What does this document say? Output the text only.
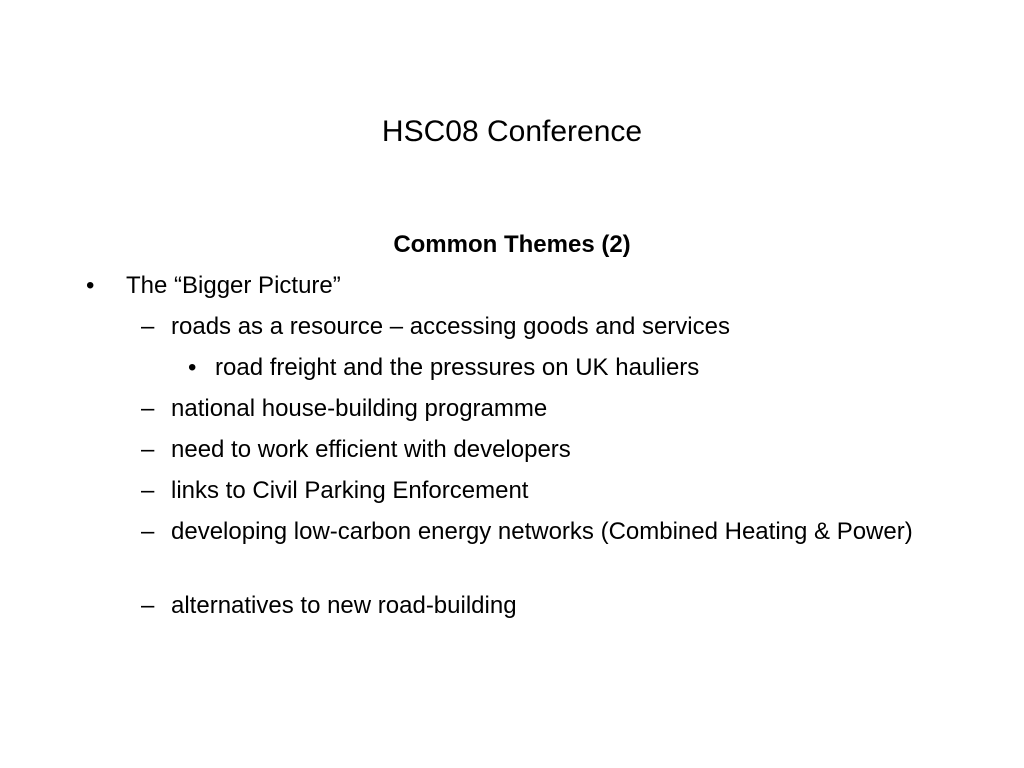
HSC08 Conference
Common Themes (2)
• The “Bigger Picture”
– roads as a resource – accessing goods and services
• road freight and the pressures on UK hauliers
– national house-building programme
– need to work efficient with developers
– links to Civil Parking Enforcement
– developing low-carbon energy networks (Combined Heating & Power)
– alternatives to new road-building
